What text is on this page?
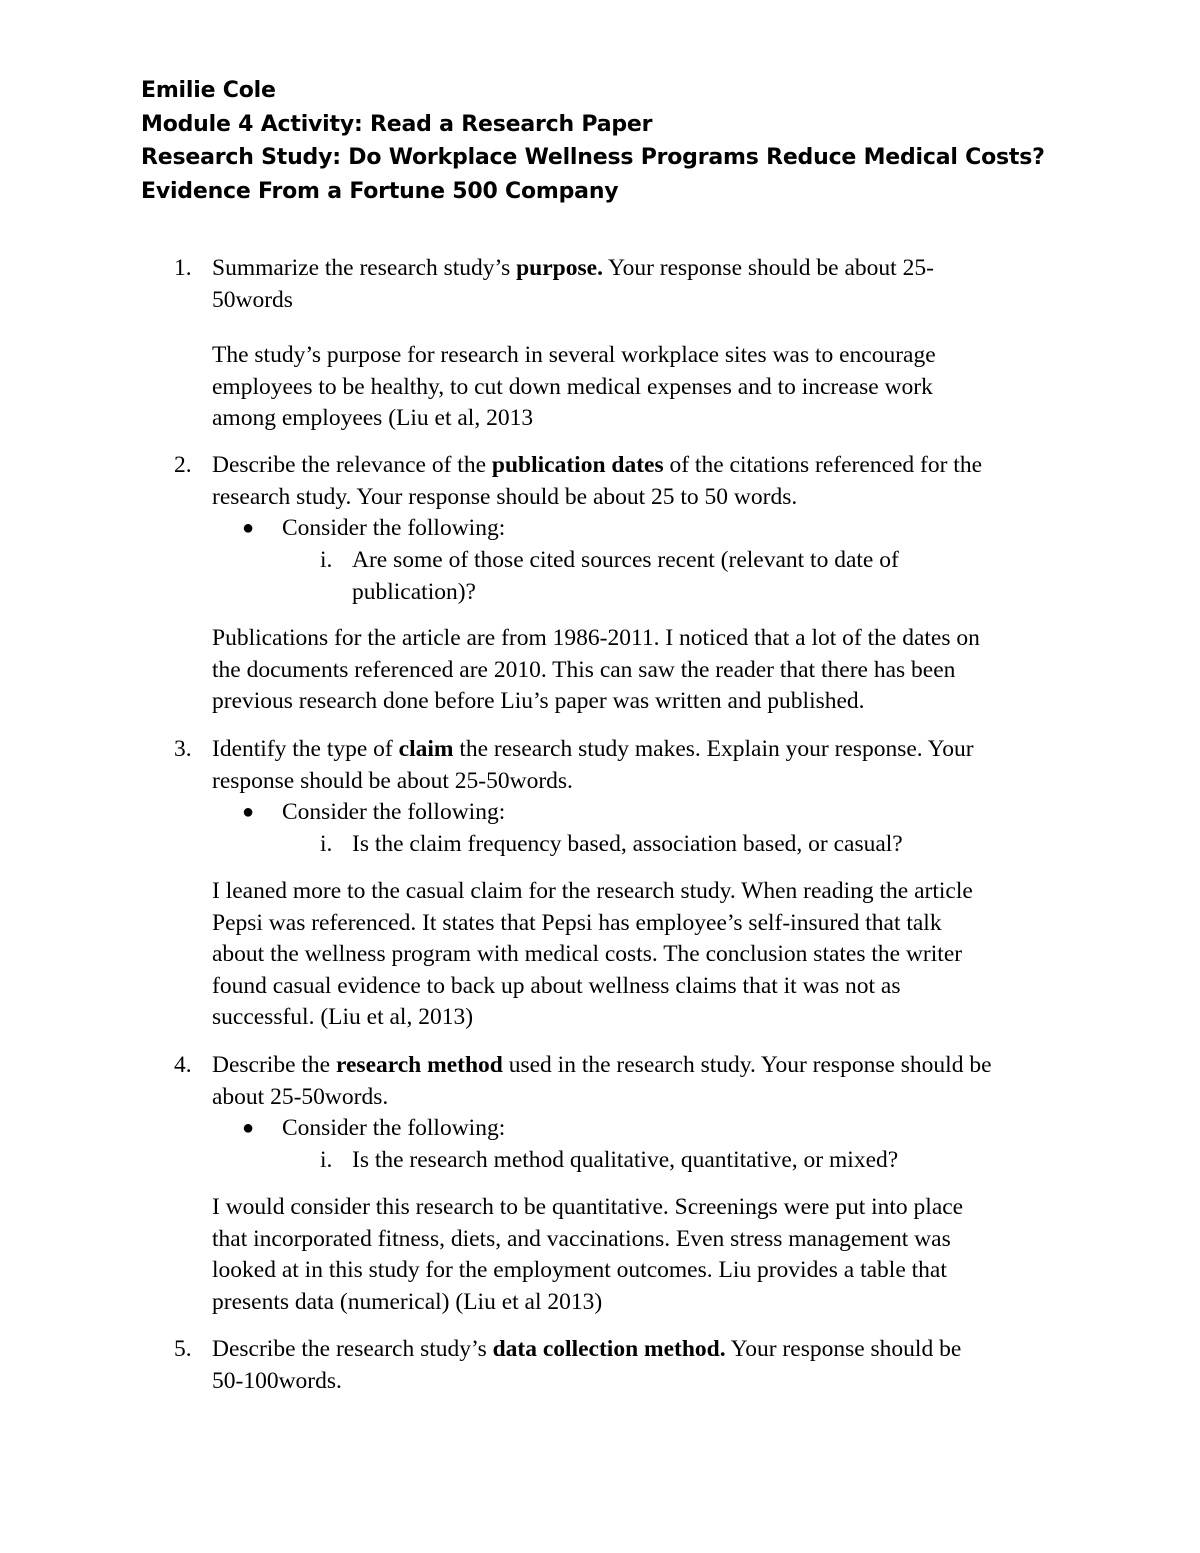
Emilie Cole
Module 4 Activity: Read a Research Paper
Research Study: Do Workplace Wellness Programs Reduce Medical Costs?
Evidence From a Fortune 500 Company
1. Summarize the research study’s purpose. Your response should be about 25-
50words
The study’s purpose for research in several workplace sites was to encourage
employees to be healthy, to cut down medical expenses and to increase work
among employees (Liu et al, 2013
2. Describe the relevance of the publication dates of the citations referenced for the
research study. Your response should be about 25 to 50 words.
● Consider the following:
i. Are some of those cited sources recent (relevant to date of
publication)?
Publications for the article are from 1986-2011. I noticed that a lot of the dates on
the documents referenced are 2010. This can saw the reader that there has been
previous research done before Liu’s paper was written and published.
3. Identify the type of claim the research study makes. Explain your response. Your
response should be about 25-50words.
● Consider the following:
i. Is the claim frequency based, association based, or casual?
I leaned more to the casual claim for the research study. When reading the article
Pepsi was referenced. It states that Pepsi has employee’s self-insured that talk
about the wellness program with medical costs. The conclusion states the writer
found casual evidence to back up about wellness claims that it was not as
successful. (Liu et al, 2013)
4. Describe the research method used in the research study. Your response should be
about 25-50words.
● Consider the following:
i. Is the research method qualitative, quantitative, or mixed?
I would consider this research to be quantitative. Screenings were put into place
that incorporated fitness, diets, and vaccinations. Even stress management was
looked at in this study for the employment outcomes. Liu provides a table that
presents data (numerical) (Liu et al 2013)
5. Describe the research study’s data collection method. Your response should be
50-100words.
